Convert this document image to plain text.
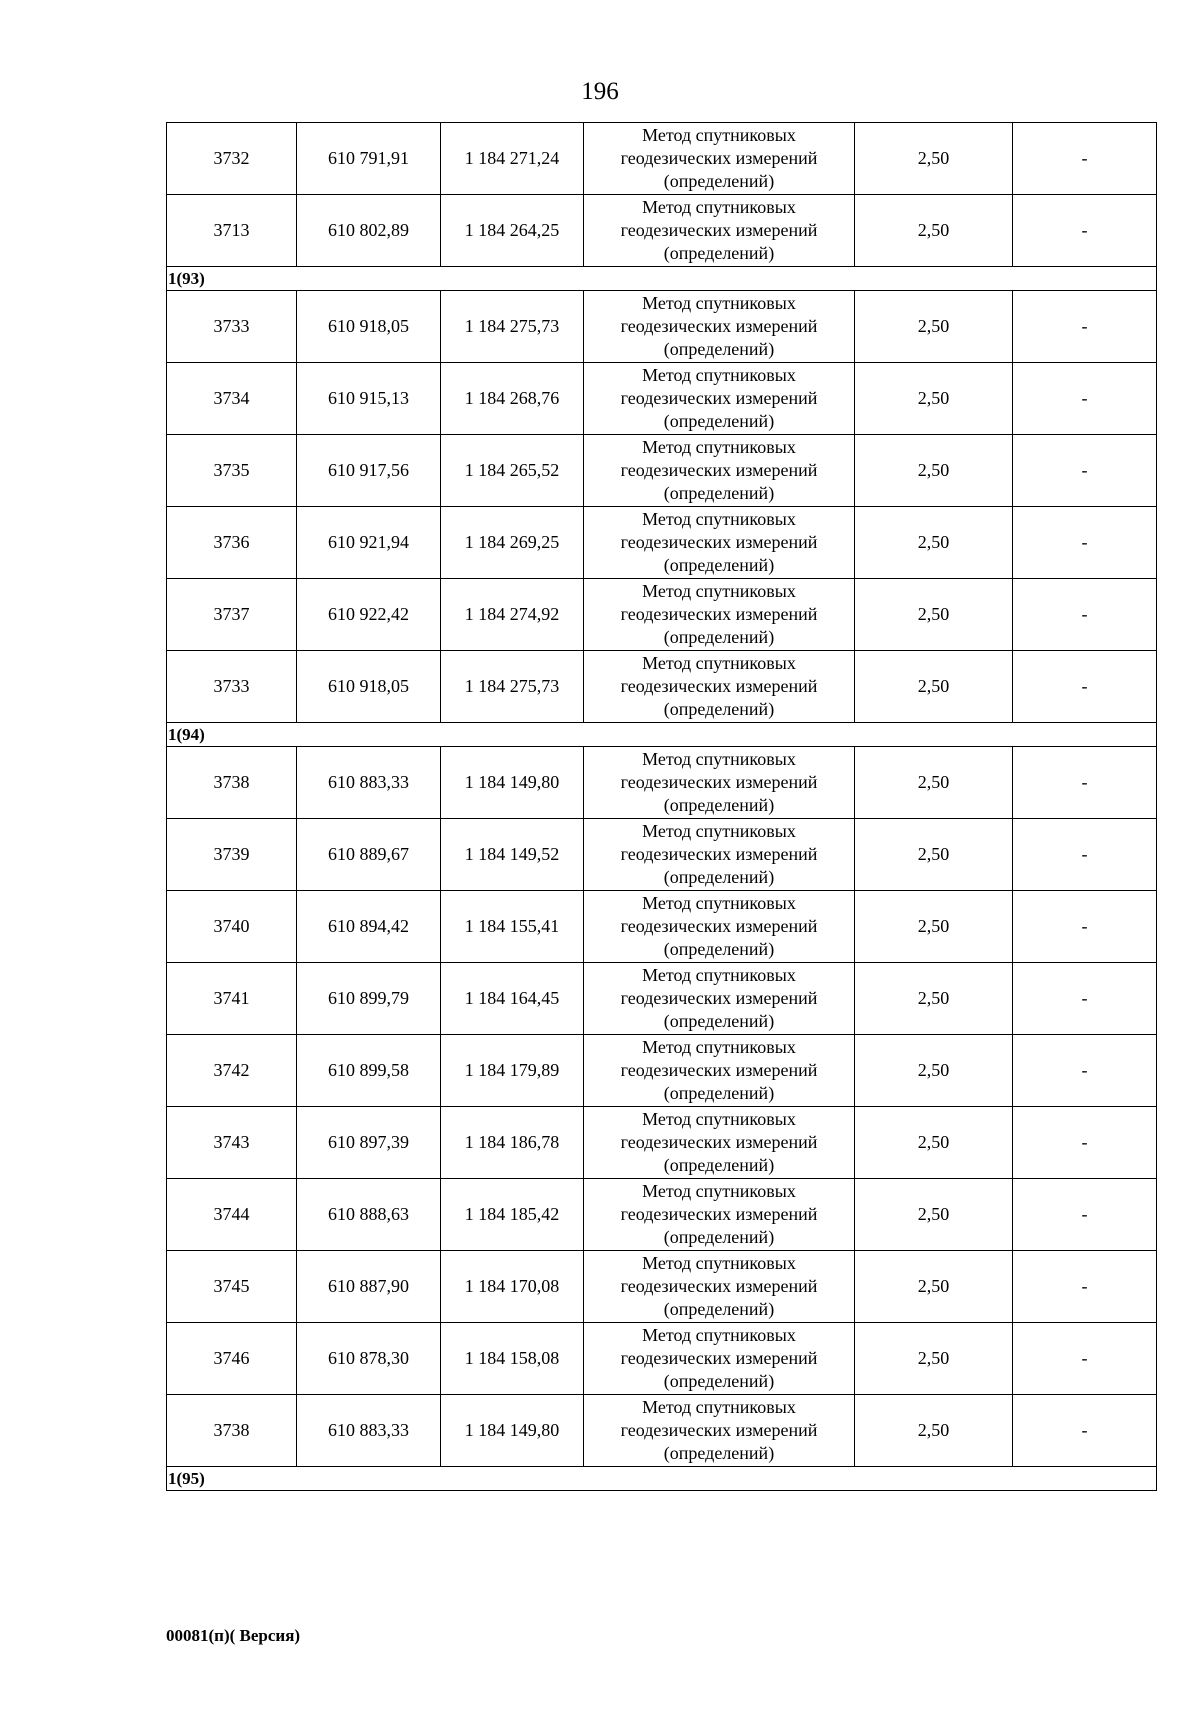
196
3732	610 791,91	1 184 271,24	Метод спутниковых
геодезических измерений
(определений)	2,50	-
3713	610 802,89	1 184 264,25	Метод спутниковых
геодезических измерений
(определений)	2,50	-
1(93)					
3733	610 918,05	1 184 275,73	Метод спутниковых
геодезических измерений
(определений)	2,50	-
3734	610 915,13	1 184 268,76	Метод спутниковых
геодезических измерений
(определений)	2,50	-
3735	610 917,56	1 184 265,52	Метод спутниковых
геодезических измерений
(определений)	2,50	-
3736	610 921,94	1 184 269,25	Метод спутниковых
геодезических измерений
(определений)	2,50	-
3737	610 922,42	1 184 274,92	Метод спутниковых
геодезических измерений
(определений)	2,50	-
3733	610 918,05	1 184 275,73	Метод спутниковых
геодезических измерений
(определений)	2,50	-
1(94)					
3738	610 883,33	1 184 149,80	Метод спутниковых
геодезических измерений
(определений)	2,50	-
3739	610 889,67	1 184 149,52	Метод спутниковых
геодезических измерений
(определений)	2,50	-
3740	610 894,42	1 184 155,41	Метод спутниковых
геодезических измерений
(определений)	2,50	-
3741	610 899,79	1 184 164,45	Метод спутниковых
геодезических измерений
(определений)	2,50	-
3742	610 899,58	1 184 179,89	Метод спутниковых
геодезических измерений
(определений)	2,50	-
3743	610 897,39	1 184 186,78	Метод спутниковых
геодезических измерений
(определений)	2,50	-
3744	610 888,63	1 184 185,42	Метод спутниковых
геодезических измерений
(определений)	2,50	-
3745	610 887,90	1 184 170,08	Метод спутниковых
геодезических измерений
(определений)	2,50	-
3746	610 878,30	1 184 158,08	Метод спутниковых
геодезических измерений
(определений)	2,50	-
3738	610 883,33	1 184 149,80	Метод спутниковых
геодезических измерений
(определений)	2,50	-
1(95)					
00081(п)( Версия)
